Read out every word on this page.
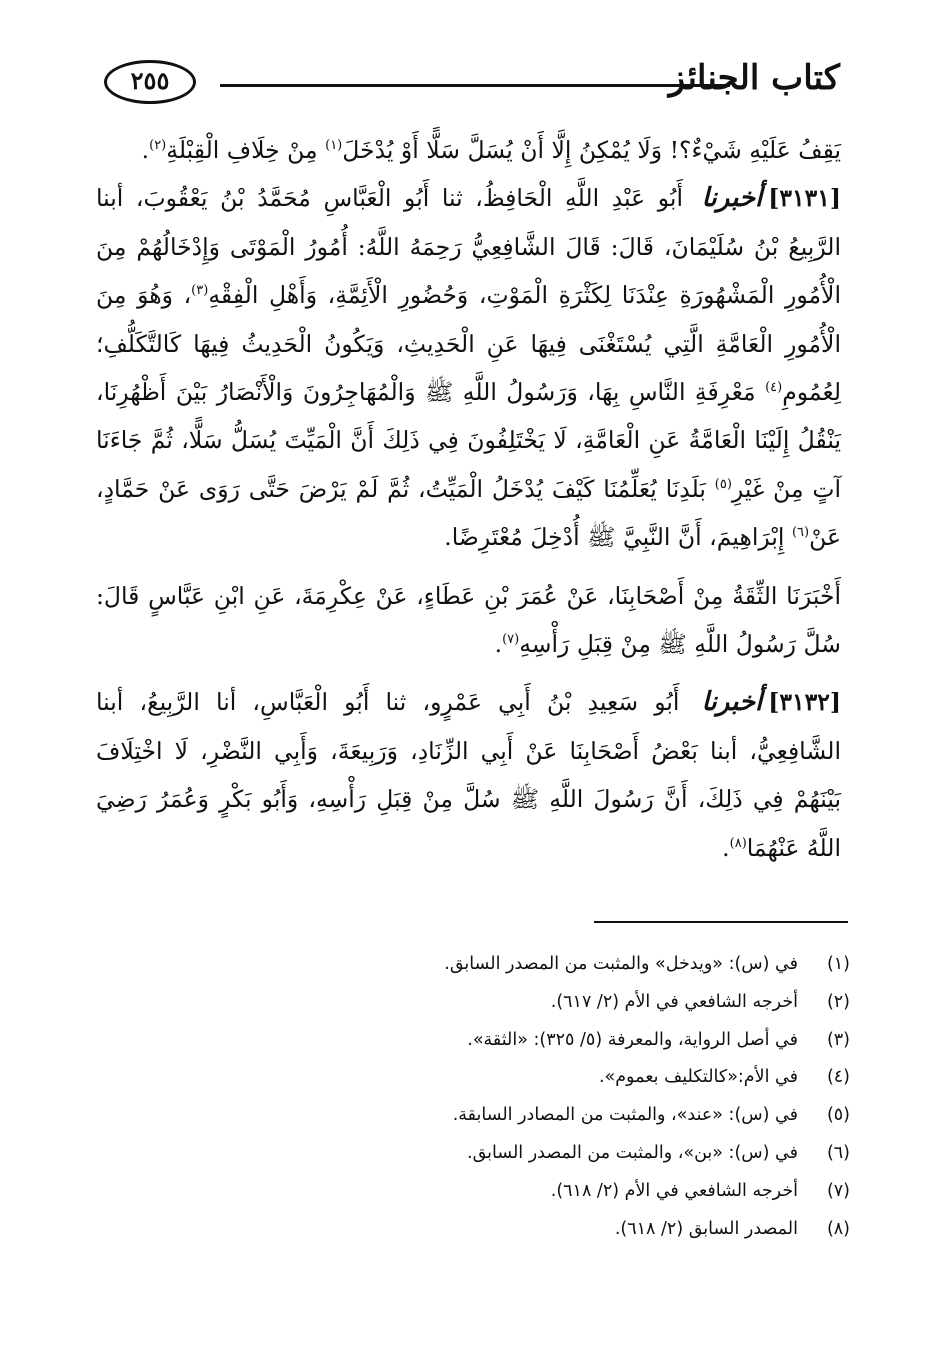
كتاب الجنائز
٢٥٥

يَقِفُ عَلَيْهِ شَيْءٌ؟! وَلَا يُمْكِنُ إِلَّا أَنْ يُسَلَّ سَلًّا أَوْ يُدْخَلَ$^{(١)}$ مِنْ خِلَافِ الْقِبْلَةِ$^{(٢)}$.

[٣١٣١]أخبرنا أَبُو عَبْدِ اللَّهِ الْحَافِظُ، ثنا أَبُو الْعَبَّاسِ مُحَمَّدُ بْنُ يَعْقُوبَ، أبنا الرَّبِيعُ بْنُ سُلَيْمَانَ، قَالَ: قَالَ الشَّافِعِيُّ رَحِمَهُ اللَّهُ: أُمُورُ الْمَوْتَى وَإِدْخَالُهُمْ مِنَ الْأُمُورِ الْمَشْهُورَةِ عِنْدَنَا لِكَثْرَةِ الْمَوْتِ، وَحُضُورِ الْأَئِمَّةِ، وَأَهْلِ الْفِقْهِ$^{(٣)}$، وَهُوَ مِنَ الْأُمُورِ الْعَامَّةِ الَّتِي يُسْتَغْنَى فِيهَا عَنِ الْحَدِيثِ، وَيَكُونُ الْحَدِيثُ فِيهَا كَالتَّكَلُّفِ؛ لِعُمُومِ$^{(٤)}$ مَعْرِفَةِ النَّاسِ بِهَا، وَرَسُولُ اللَّهِ ﷺ وَالْمُهَاجِرُونَ وَالْأَنْصَارُ بَيْنَ أَظْهُرِنَا، يَنْقُلُ إِلَيْنَا الْعَامَّةُ عَنِ الْعَامَّةِ، لَا يَخْتَلِفُونَ فِي ذَلِكَ أَنَّ الْمَيِّتَ يُسَلُّ سَلًّا، ثُمَّ جَاءَنَا آتٍ مِنْ غَيْرِ$^{(٥)}$ بَلَدِنَا يُعَلِّمُنَا كَيْفَ يُدْخَلُ الْمَيِّتُ، ثُمَّ لَمْ يَرْضَ حَتَّى رَوَى عَنْ حَمَّادٍ، عَنْ$^{(٦)}$ إِبْرَاهِيمَ، أَنَّ النَّبِيَّ ﷺ أُدْخِلَ مُعْتَرِضًا.

أَخْبَرَنَا الثِّقَةُ مِنْ أَصْحَابِنَا، عَنْ عُمَرَ بْنِ عَطَاءٍ، عَنْ عِكْرِمَةَ، عَنِ ابْنِ عَبَّاسٍ قَالَ: سُلَّ رَسُولُ اللَّهِ ﷺ مِنْ قِبَلِ رَأْسِهِ$^{(٧)}$.

[٣١٣٢]أخبرنا أَبُو سَعِيدِ بْنُ أَبِي عَمْرٍو، ثنا أَبُو الْعَبَّاسِ، أنا الرَّبِيعُ، أبنا الشَّافِعِيُّ، أبنا بَعْضُ أَصْحَابِنَا عَنْ أَبِي الزِّنَادِ، وَرَبِيعَةَ، وَأَبِي النَّضْرِ، لَا اخْتِلَافَ بَيْنَهُمْ فِي ذَلِكَ، أَنَّ رَسُولَ اللَّهِ ﷺ سُلَّ مِنْ قِبَلِ رَأْسِهِ، وَأَبُو بَكْرٍ وَعُمَرُ رَضِيَ اللَّهُ عَنْهُمَا$^{(٨)}$.

(١)في (س): «ويدخل» والمثبت من المصدر السابق.
(٢)أخرجه الشافعي في الأم (٢/ ٦١٧).
(٣)في أصل الرواية، والمعرفة (٥/ ٣٢٥): «الثقة».
(٤)في الأم:«كالتكليف بعموم».
(٥)في (س): «عند»، والمثبت من المصادر السابقة.
(٦)في (س): «بن»، والمثبت من المصدر السابق.
(٧)أخرجه الشافعي في الأم (٢/ ٦١٨).
(٨)المصدر السابق (٢/ ٦١٨).
